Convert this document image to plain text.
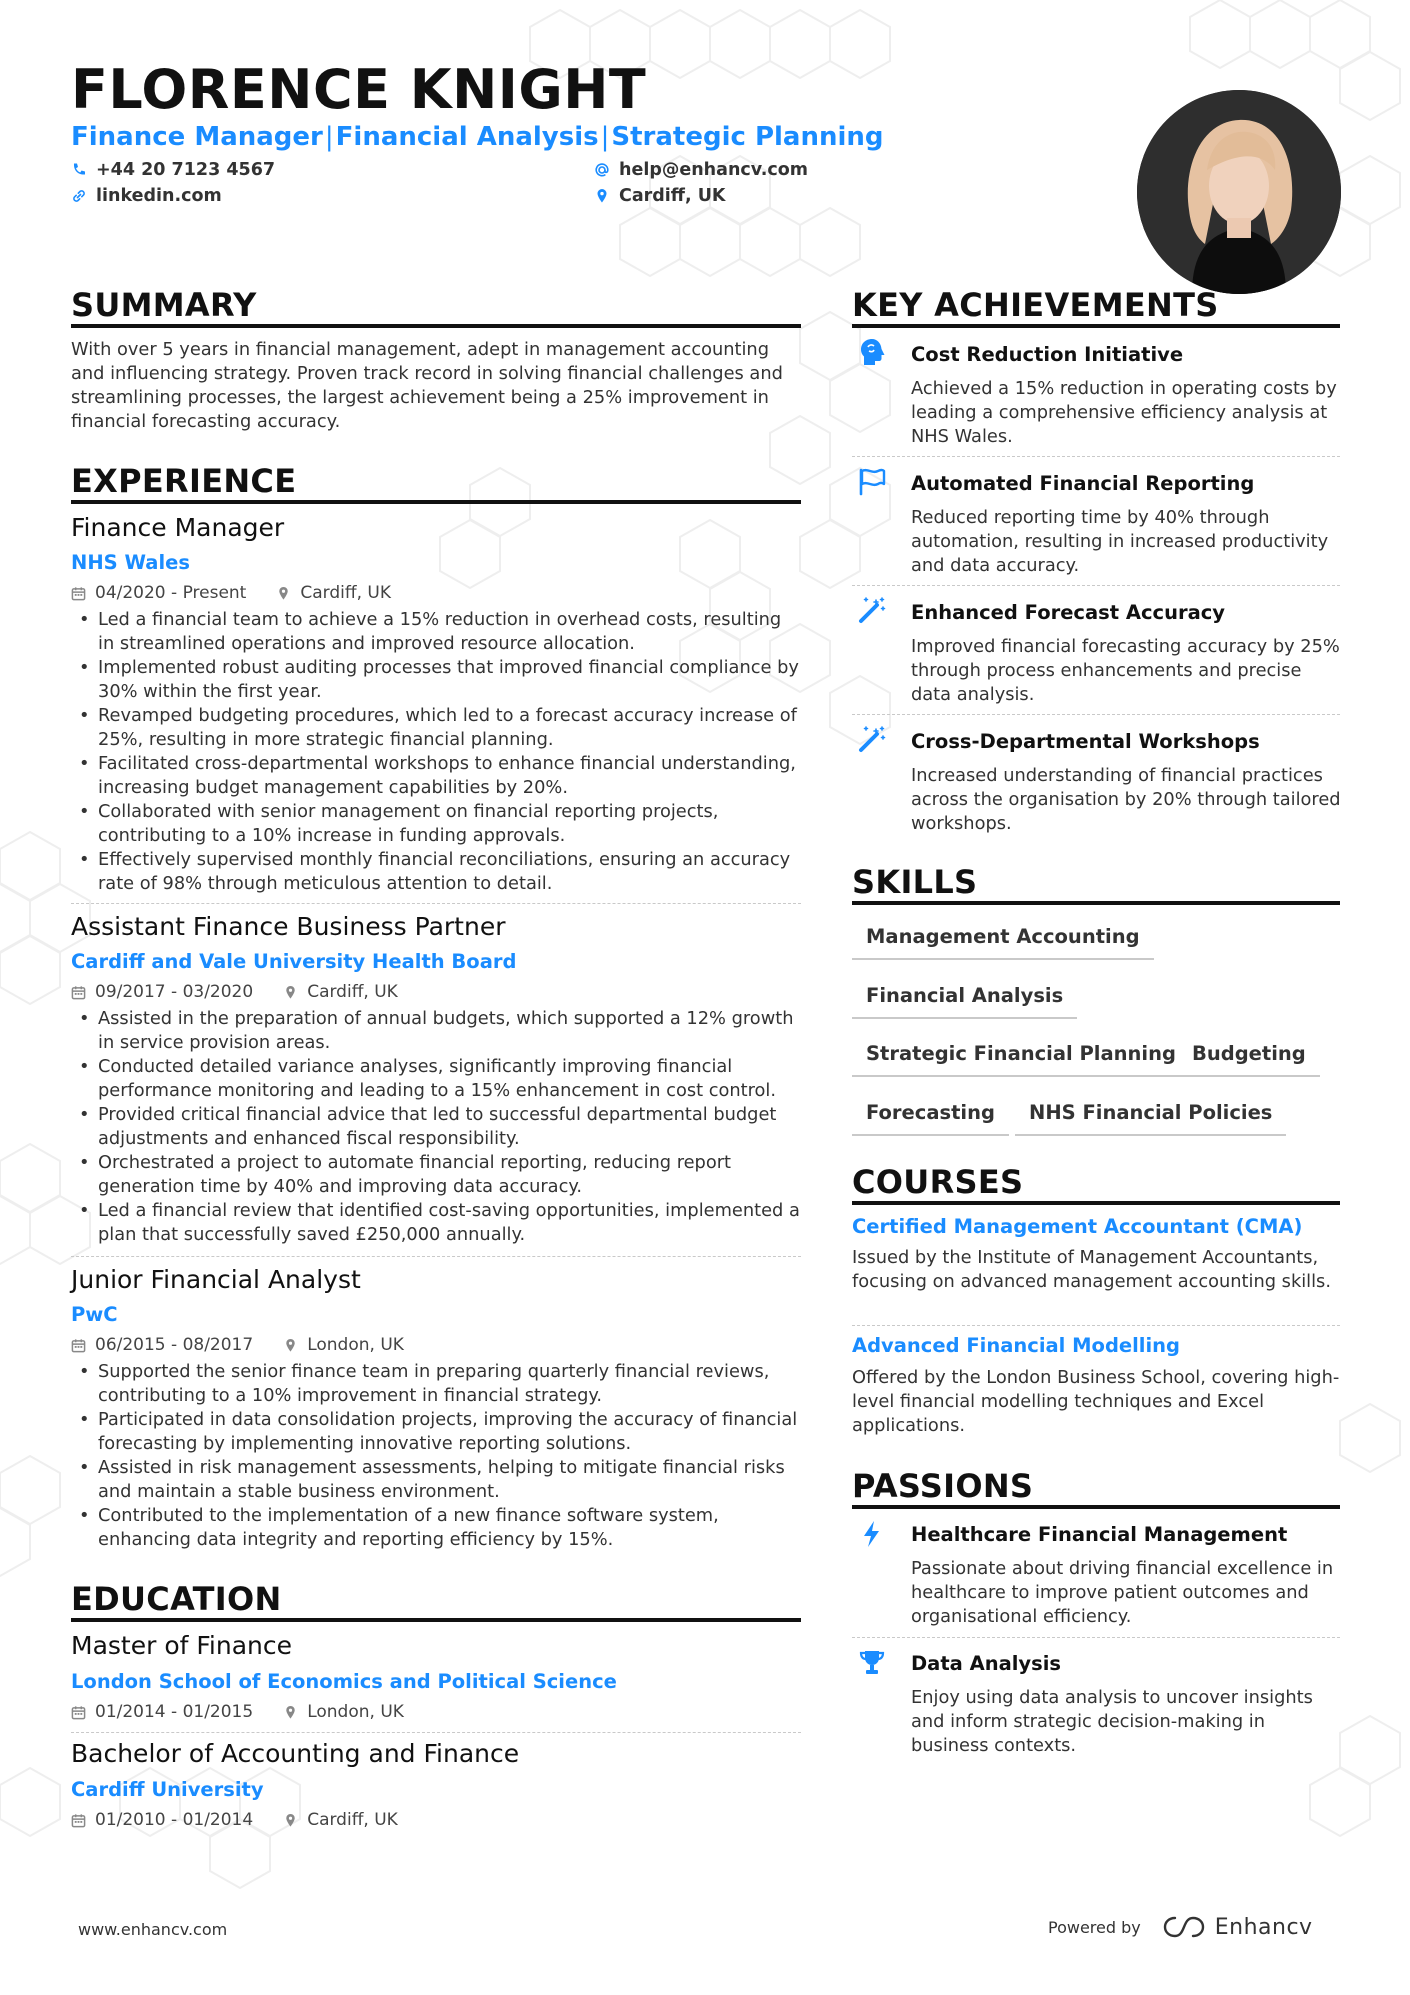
FLORENCE KNIGHT
Finance Manager|Financial Analysis|Strategic Planning
+44 20 7123 4567	help@enhancv.com
linkedin.com	Cardiff, UK
SUMMARY
With over 5 years in financial management, adept in management accounting and influencing strategy. Proven track record in solving financial challenges and streamlining processes, the largest achievement being a 25% improvement in financial forecasting accuracy.
EXPERIENCE
Finance Manager
NHS Wales
04/2020 - Present	Cardiff, UK
• Led a financial team to achieve a 15% reduction in overhead costs, resulting in streamlined operations and improved resource allocation.
• Implemented robust auditing processes that improved financial compliance by 30% within the first year.
• Revamped budgeting procedures, which led to a forecast accuracy increase of 25%, resulting in more strategic financial planning.
• Facilitated cross-departmental workshops to enhance financial understanding, increasing budget management capabilities by 20%.
• Collaborated with senior management on financial reporting projects, contributing to a 10% increase in funding approvals.
• Effectively supervised monthly financial reconciliations, ensuring an accuracy rate of 98% through meticulous attention to detail.
Assistant Finance Business Partner
Cardiff and Vale University Health Board
09/2017 - 03/2020	Cardiff, UK
• Assisted in the preparation of annual budgets, which supported a 12% growth in service provision areas.
• Conducted detailed variance analyses, significantly improving financial performance monitoring and leading to a 15% enhancement in cost control.
• Provided critical financial advice that led to successful departmental budget adjustments and enhanced fiscal responsibility.
• Orchestrated a project to automate financial reporting, reducing report generation time by 40% and improving data accuracy.
• Led a financial review that identified cost-saving opportunities, implemented a plan that successfully saved £250,000 annually.
Junior Financial Analyst
PwC
06/2015 - 08/2017	London, UK
• Supported the senior finance team in preparing quarterly financial reviews, contributing to a 10% improvement in financial strategy.
• Participated in data consolidation projects, improving the accuracy of financial forecasting by implementing innovative reporting solutions.
• Assisted in risk management assessments, helping to mitigate financial risks and maintain a stable business environment.
• Contributed to the implementation of a new finance software system, enhancing data integrity and reporting efficiency by 15%.
EDUCATION
Master of Finance
London School of Economics and Political Science
01/2014 - 01/2015	London, UK
Bachelor of Accounting and Finance
Cardiff University
01/2010 - 01/2014	Cardiff, UK
KEY ACHIEVEMENTS
Cost Reduction Initiative
Achieved a 15% reduction in operating costs by leading a comprehensive efficiency analysis at NHS Wales.
Automated Financial Reporting
Reduced reporting time by 40% through automation, resulting in increased productivity and data accuracy.
Enhanced Forecast Accuracy
Improved financial forecasting accuracy by 25% through process enhancements and precise data analysis.
Cross-Departmental Workshops
Increased understanding of financial practices across the organisation by 20% through tailored workshops.
SKILLS
Management Accounting
Financial Analysis
Strategic Financial Planning Budgeting
Forecasting	NHS Financial Policies
COURSES
Certified Management Accountant (CMA)
Issued by the Institute of Management Accountants, focusing on advanced management accounting skills.
Advanced Financial Modelling
Offered by the London Business School, covering high-level financial modelling techniques and Excel applications.
PASSIONS
Healthcare Financial Management
Passionate about driving financial excellence in healthcare to improve patient outcomes and organisational efficiency.
Data Analysis
Enjoy using data analysis to uncover insights and inform strategic decision-making in business contexts.
www.enhancv.com	Powered by	Enhancv
